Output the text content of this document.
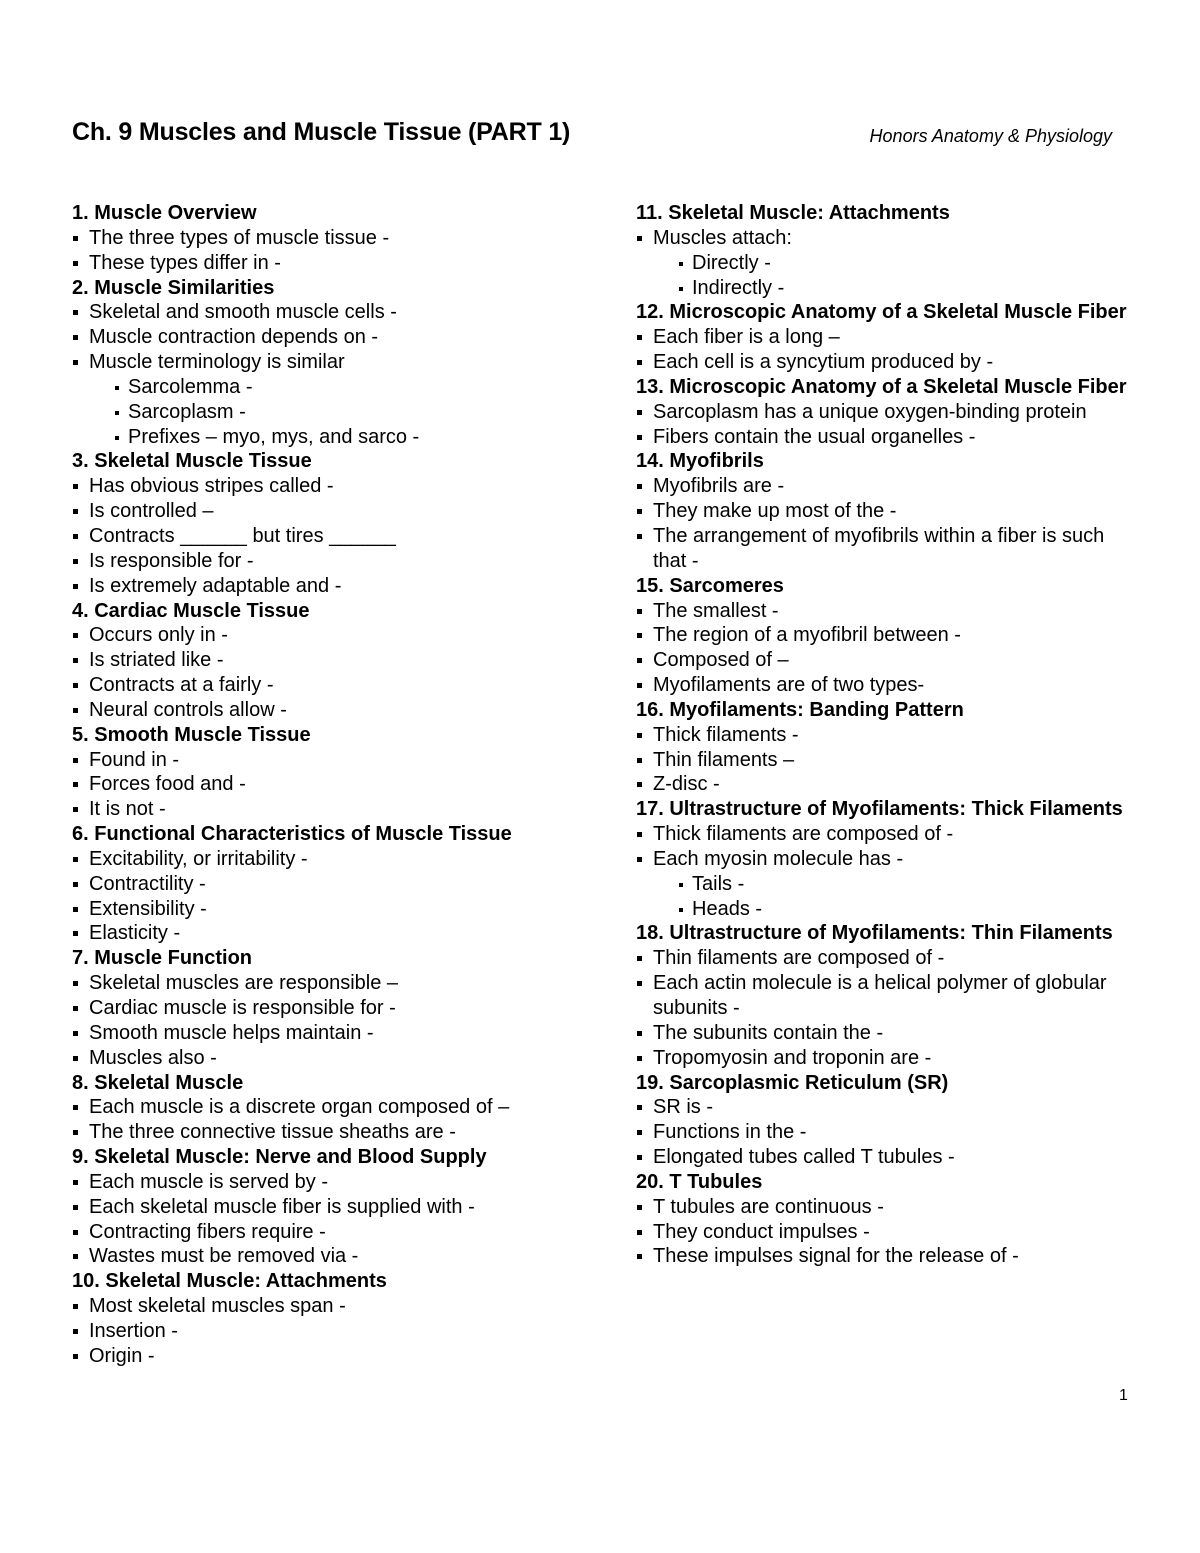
Ch. 9 Muscles and Muscle Tissue (PART 1)	Honors Anatomy & Physiology
1. Muscle Overview
The three types of muscle tissue -
These types differ in -
2. Muscle Similarities
Skeletal and smooth muscle cells -
Muscle contraction depends on -
Muscle terminology is similar
Sarcolemma -
Sarcoplasm -
Prefixes – myo, mys, and sarco -
3. Skeletal Muscle Tissue
Has obvious stripes called -
Is controlled –
Contracts ______ but tires ______
Is responsible for -
Is extremely adaptable and -
4. Cardiac Muscle Tissue
Occurs only in -
Is striated like -
Contracts at a fairly -
Neural controls allow -
5. Smooth Muscle Tissue
Found in -
Forces food and -
It is not -
6. Functional Characteristics of Muscle Tissue
Excitability, or irritability -
Contractility -
Extensibility -
Elasticity -
7. Muscle Function
Skeletal muscles are responsible –
Cardiac muscle is responsible for -
Smooth muscle helps maintain -
Muscles also -
8. Skeletal Muscle
Each muscle is a discrete organ composed of –
The three connective tissue sheaths are -
9. Skeletal Muscle: Nerve and Blood Supply
Each muscle is served by -
Each skeletal muscle fiber is supplied with -
Contracting fibers require -
Wastes must be removed via -
10. Skeletal Muscle: Attachments
Most skeletal muscles span -
Insertion -
Origin -
11. Skeletal Muscle: Attachments
Muscles attach:
Directly -
Indirectly -
12. Microscopic Anatomy of a Skeletal Muscle Fiber
Each fiber is a long –
Each cell is a syncytium produced by -
13. Microscopic Anatomy of a Skeletal Muscle Fiber
Sarcoplasm has a unique oxygen-binding protein
Fibers contain the usual organelles -
14. Myofibrils
Myofibrils are -
They make up most of the -
The arrangement of myofibrils within a fiber is such that -
15. Sarcomeres
The smallest -
The region of a myofibril between -
Composed of –
Myofilaments are of two types-
16. Myofilaments: Banding Pattern
Thick filaments -
Thin filaments –
Z-disc -
17. Ultrastructure of Myofilaments: Thick Filaments
Thick filaments are composed of -
Each myosin molecule has -
Tails -
Heads -
18. Ultrastructure of Myofilaments: Thin Filaments
Thin filaments are composed of -
Each actin molecule is a helical polymer of globular subunits -
The subunits contain the -
Tropomyosin and troponin are -
19. Sarcoplasmic Reticulum (SR)
SR is -
Functions in the -
Elongated tubes called T tubules -
20. T Tubules
T tubules are continuous -
They conduct impulses -
These impulses signal for the release of -
1
